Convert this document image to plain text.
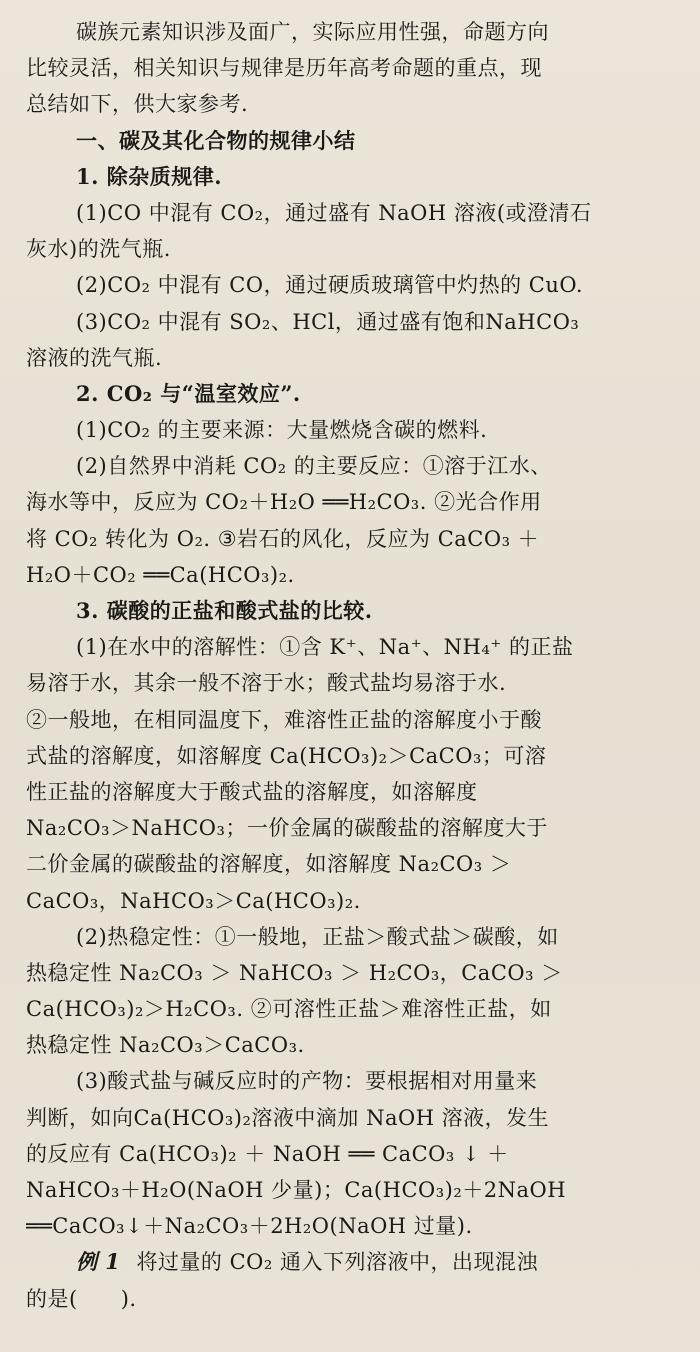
碳族元素知识涉及面广，实际应用性强，命题方向
比较灵活，相关知识与规律是历年高考命题的重点，现
总结如下，供大家参考.
一、碳及其化合物的规律小结
1. 除杂质规律.
(1)CO 中混有 CO₂，通过盛有 NaOH 溶液(或澄清石
灰水)的洗气瓶.
(2)CO₂ 中混有 CO，通过硬质玻璃管中灼热的 CuO.
(3)CO₂ 中混有 SO₂、HCl，通过盛有饱和NaHCO₃
溶液的洗气瓶.
2. CO₂ 与“温室效应”.
(1)CO₂ 的主要来源：大量燃烧含碳的燃料.
(2)自然界中消耗 CO₂ 的主要反应：①溶于江水、
海水等中，反应为 CO₂＋H₂O ══H₂CO₃. ②光合作用
将 CO₂ 转化为 O₂. ③岩石的风化，反应为 CaCO₃ ＋
H₂O＋CO₂ ══Ca(HCO₃)₂.
3. 碳酸的正盐和酸式盐的比较.
(1)在水中的溶解性：①含 K⁺、Na⁺、NH₄⁺ 的正盐
易溶于水，其余一般不溶于水；酸式盐均易溶于水.
②一般地，在相同温度下，难溶性正盐的溶解度小于酸
式盐的溶解度，如溶解度 Ca(HCO₃)₂＞CaCO₃；可溶
性正盐的溶解度大于酸式盐的溶解度，如溶解度
Na₂CO₃＞NaHCO₃；一价金属的碳酸盐的溶解度大于
二价金属的碳酸盐的溶解度，如溶解度 Na₂CO₃ ＞
CaCO₃，NaHCO₃＞Ca(HCO₃)₂.
(2)热稳定性：①一般地，正盐＞酸式盐＞碳酸，如
热稳定性 Na₂CO₃ ＞ NaHCO₃ ＞ H₂CO₃，CaCO₃ ＞
Ca(HCO₃)₂＞H₂CO₃. ②可溶性正盐＞难溶性正盐，如
热稳定性 Na₂CO₃＞CaCO₃.
(3)酸式盐与碱反应时的产物：要根据相对用量来
判断，如向Ca(HCO₃)₂溶液中滴加 NaOH 溶液，发生
的反应有 Ca(HCO₃)₂ ＋ NaOH ══ CaCO₃ ↓ ＋
NaHCO₃＋H₂O(NaOH 少量)；Ca(HCO₃)₂＋2NaOH
══CaCO₃↓＋Na₂CO₃＋2H₂O(NaOH 过量).
例 1 将过量的 CO₂ 通入下列溶液中，出现混浊
的是(　　).
